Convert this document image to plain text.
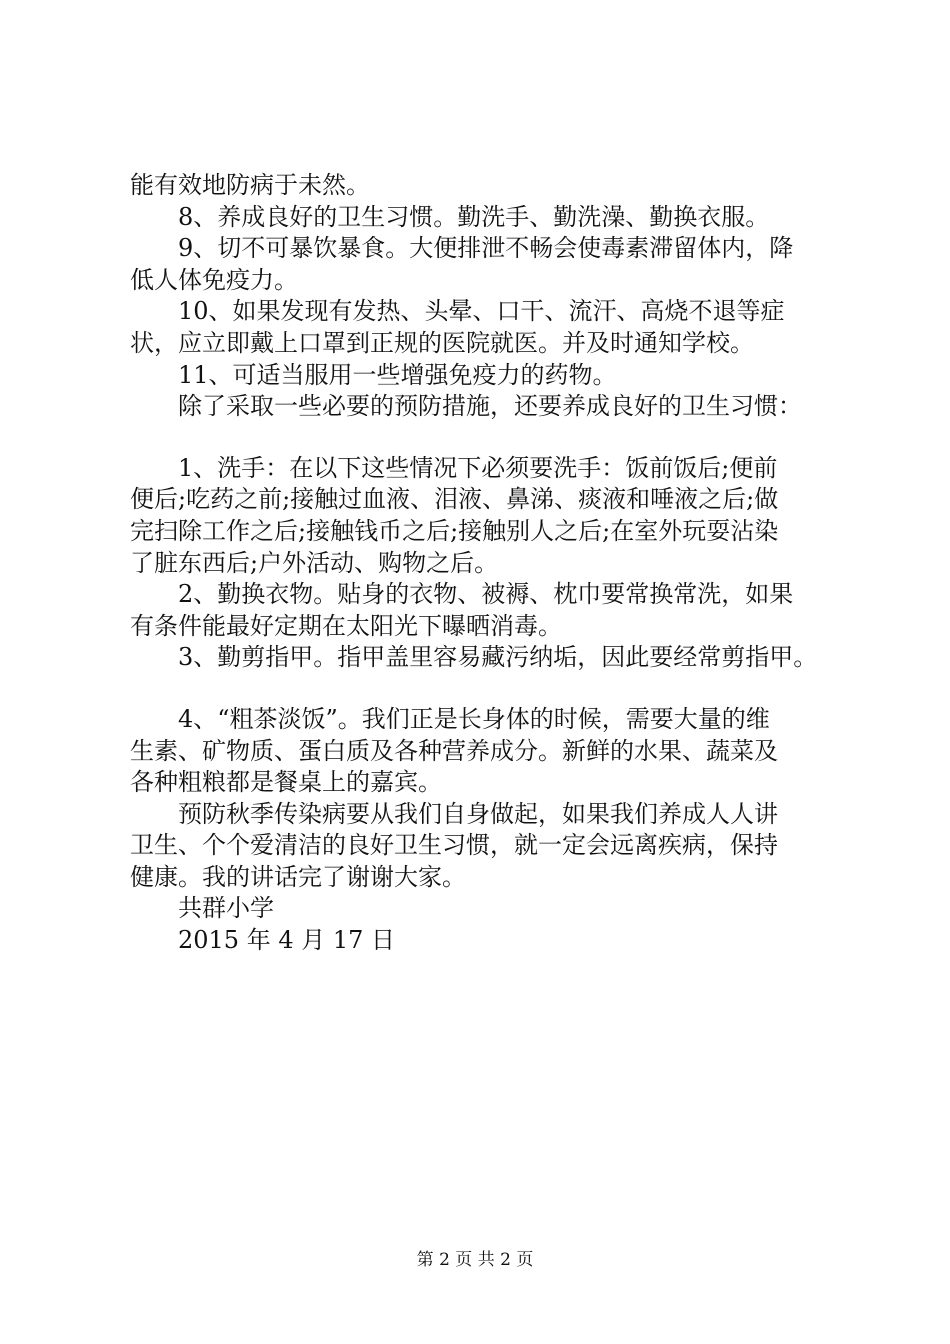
能有效地防病于未然。

8、养成良好的卫生习惯。勤洗手、勤洗澡、勤换衣服。

9、切不可暴饮暴食。大便排泄不畅会使毒素滞留体内，降

低人体免疫力。

10、如果发现有发热、头晕、口干、流汗、高烧不退等症

状，应立即戴上口罩到正规的医院就医。并及时通知学校。

11、可适当服用一些增强免疫力的药物。

除了采取一些必要的预防措施，还要养成良好的卫生习惯：

1、洗手：在以下这些情况下必须要洗手：饭前饭后;便前

便后;吃药之前;接触过血液、泪液、鼻涕、痰液和唾液之后;做

完扫除工作之后;接触钱币之后;接触别人之后;在室外玩耍沾染

了脏东西后;户外活动、购物之后。

2、勤换衣物。贴身的衣物、被褥、枕巾要常换常洗，如果

有条件能最好定期在太阳光下曝晒消毒。

3、勤剪指甲。指甲盖里容易藏污纳垢，因此要经常剪指甲。

4、“粗茶淡饭”。我们正是长身体的时候，需要大量的维

生素、矿物质、蛋白质及各种营养成分。新鲜的水果、蔬菜及

各种粗粮都是餐桌上的嘉宾。

预防秋季传染病要从我们自身做起，如果我们养成人人讲

卫生、个个爱清洁的良好卫生习惯，就一定会远离疾病，保持

健康。我的讲话完了谢谢大家。

共群小学

2015 年 4 月 17 日

第 2 页 共 2 页
